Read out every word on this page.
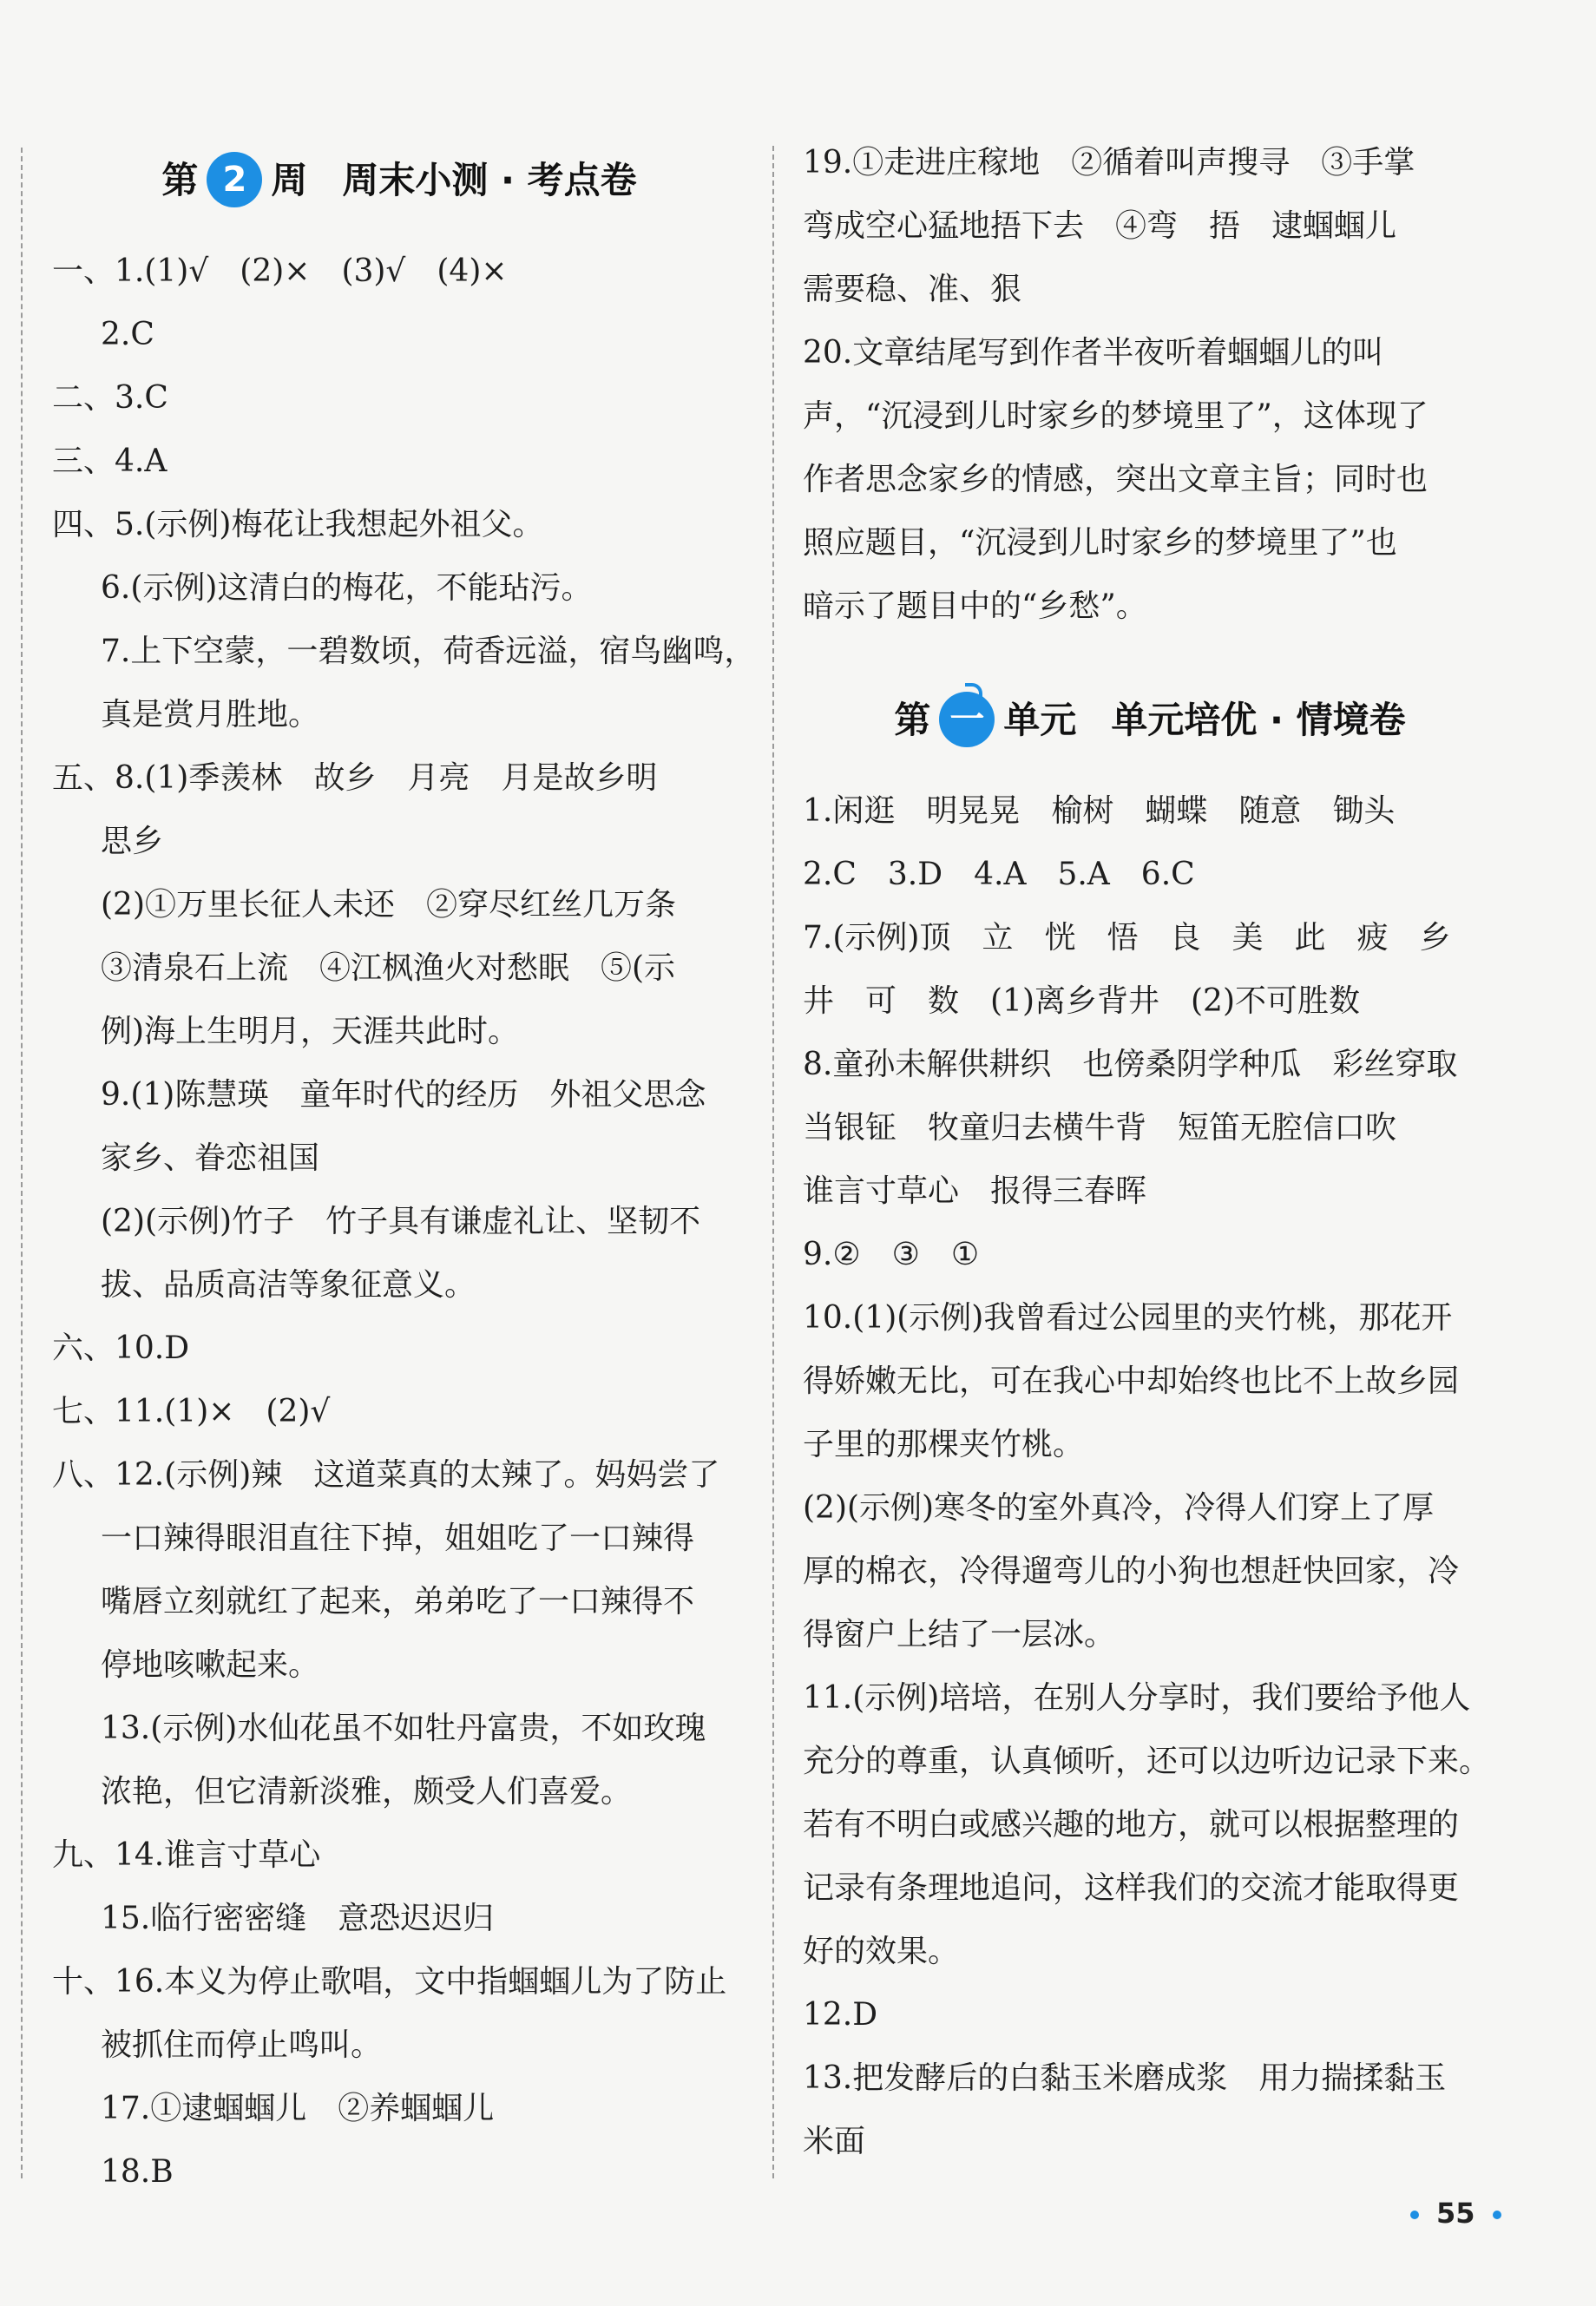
第 2 周 周末小测 · 考点卷
一、1.(1)√　(2)×　(3)√　(4)×
2.C
二、3.C
三、4.A
四、5.(示例)梅花让我想起外祖父。
6.(示例)这清白的梅花，不能玷污。
7.上下空蒙，一碧数顷，荷香远溢，宿鸟幽鸣，
真是赏月胜地。
五、8.(1)季羡林　故乡　月亮　月是故乡明
思乡
(2)①万里长征人未还　②穿尽红丝几万条
③清泉石上流　④江枫渔火对愁眠　⑤(示
例)海上生明月，天涯共此时。
9.(1)陈慧瑛　童年时代的经历　外祖父思念
家乡、眷恋祖国
(2)(示例)竹子　竹子具有谦虚礼让、坚韧不
拔、品质高洁等象征意义。
六、10.D
七、11.(1)×　(2)√
八、12.(示例)辣　这道菜真的太辣了。妈妈尝了
一口辣得眼泪直往下掉，姐姐吃了一口辣得
嘴唇立刻就红了起来，弟弟吃了一口辣得不
停地咳嗽起来。
13.(示例)水仙花虽不如牡丹富贵，不如玫瑰
浓艳，但它清新淡雅，颇受人们喜爱。
九、14.谁言寸草心
15.临行密密缝　意恐迟迟归
十、16.本义为停止歌唱，文中指蝈蝈儿为了防止
被抓住而停止鸣叫。
17.①逮蝈蝈儿　②养蝈蝈儿
18.B
19.①走进庄稼地　②循着叫声搜寻　③手掌
弯成空心猛地捂下去　④弯　捂　逮蝈蝈儿
需要稳、准、狠
20.文章结尾写到作者半夜听着蝈蝈儿的叫
声，“沉浸到儿时家乡的梦境里了”，这体现了
作者思念家乡的情感，突出文章主旨；同时也
照应题目，“沉浸到儿时家乡的梦境里了”也
暗示了题目中的“乡愁”。
第 一 单元 单元培优 · 情境卷
1.闲逛　明晃晃　榆树　蝴蝶　随意　锄头
2.C　3.D　4.A　5.A　6.C
7.(示例)顶　立　恍　悟　良　美　此　疲　乡
井　可　数　(1)离乡背井　(2)不可胜数
8.童孙未解供耕织　也傍桑阴学种瓜　彩丝穿取
当银钲　牧童归去横牛背　短笛无腔信口吹
谁言寸草心　报得三春晖
9.②　③　①
10.(1)(示例)我曾看过公园里的夹竹桃，那花开
得娇嫩无比，可在我心中却始终也比不上故乡园
子里的那棵夹竹桃。
(2)(示例)寒冬的室外真冷，冷得人们穿上了厚
厚的棉衣，冷得遛弯儿的小狗也想赶快回家，冷
得窗户上结了一层冰。
11.(示例)培培，在别人分享时，我们要给予他人
充分的尊重，认真倾听，还可以边听边记录下来。
若有不明白或感兴趣的地方，就可以根据整理的
记录有条理地追问，这样我们的交流才能取得更
好的效果。
12.D
13.把发酵后的白黏玉米磨成浆　用力揣揉黏玉
米面
55
